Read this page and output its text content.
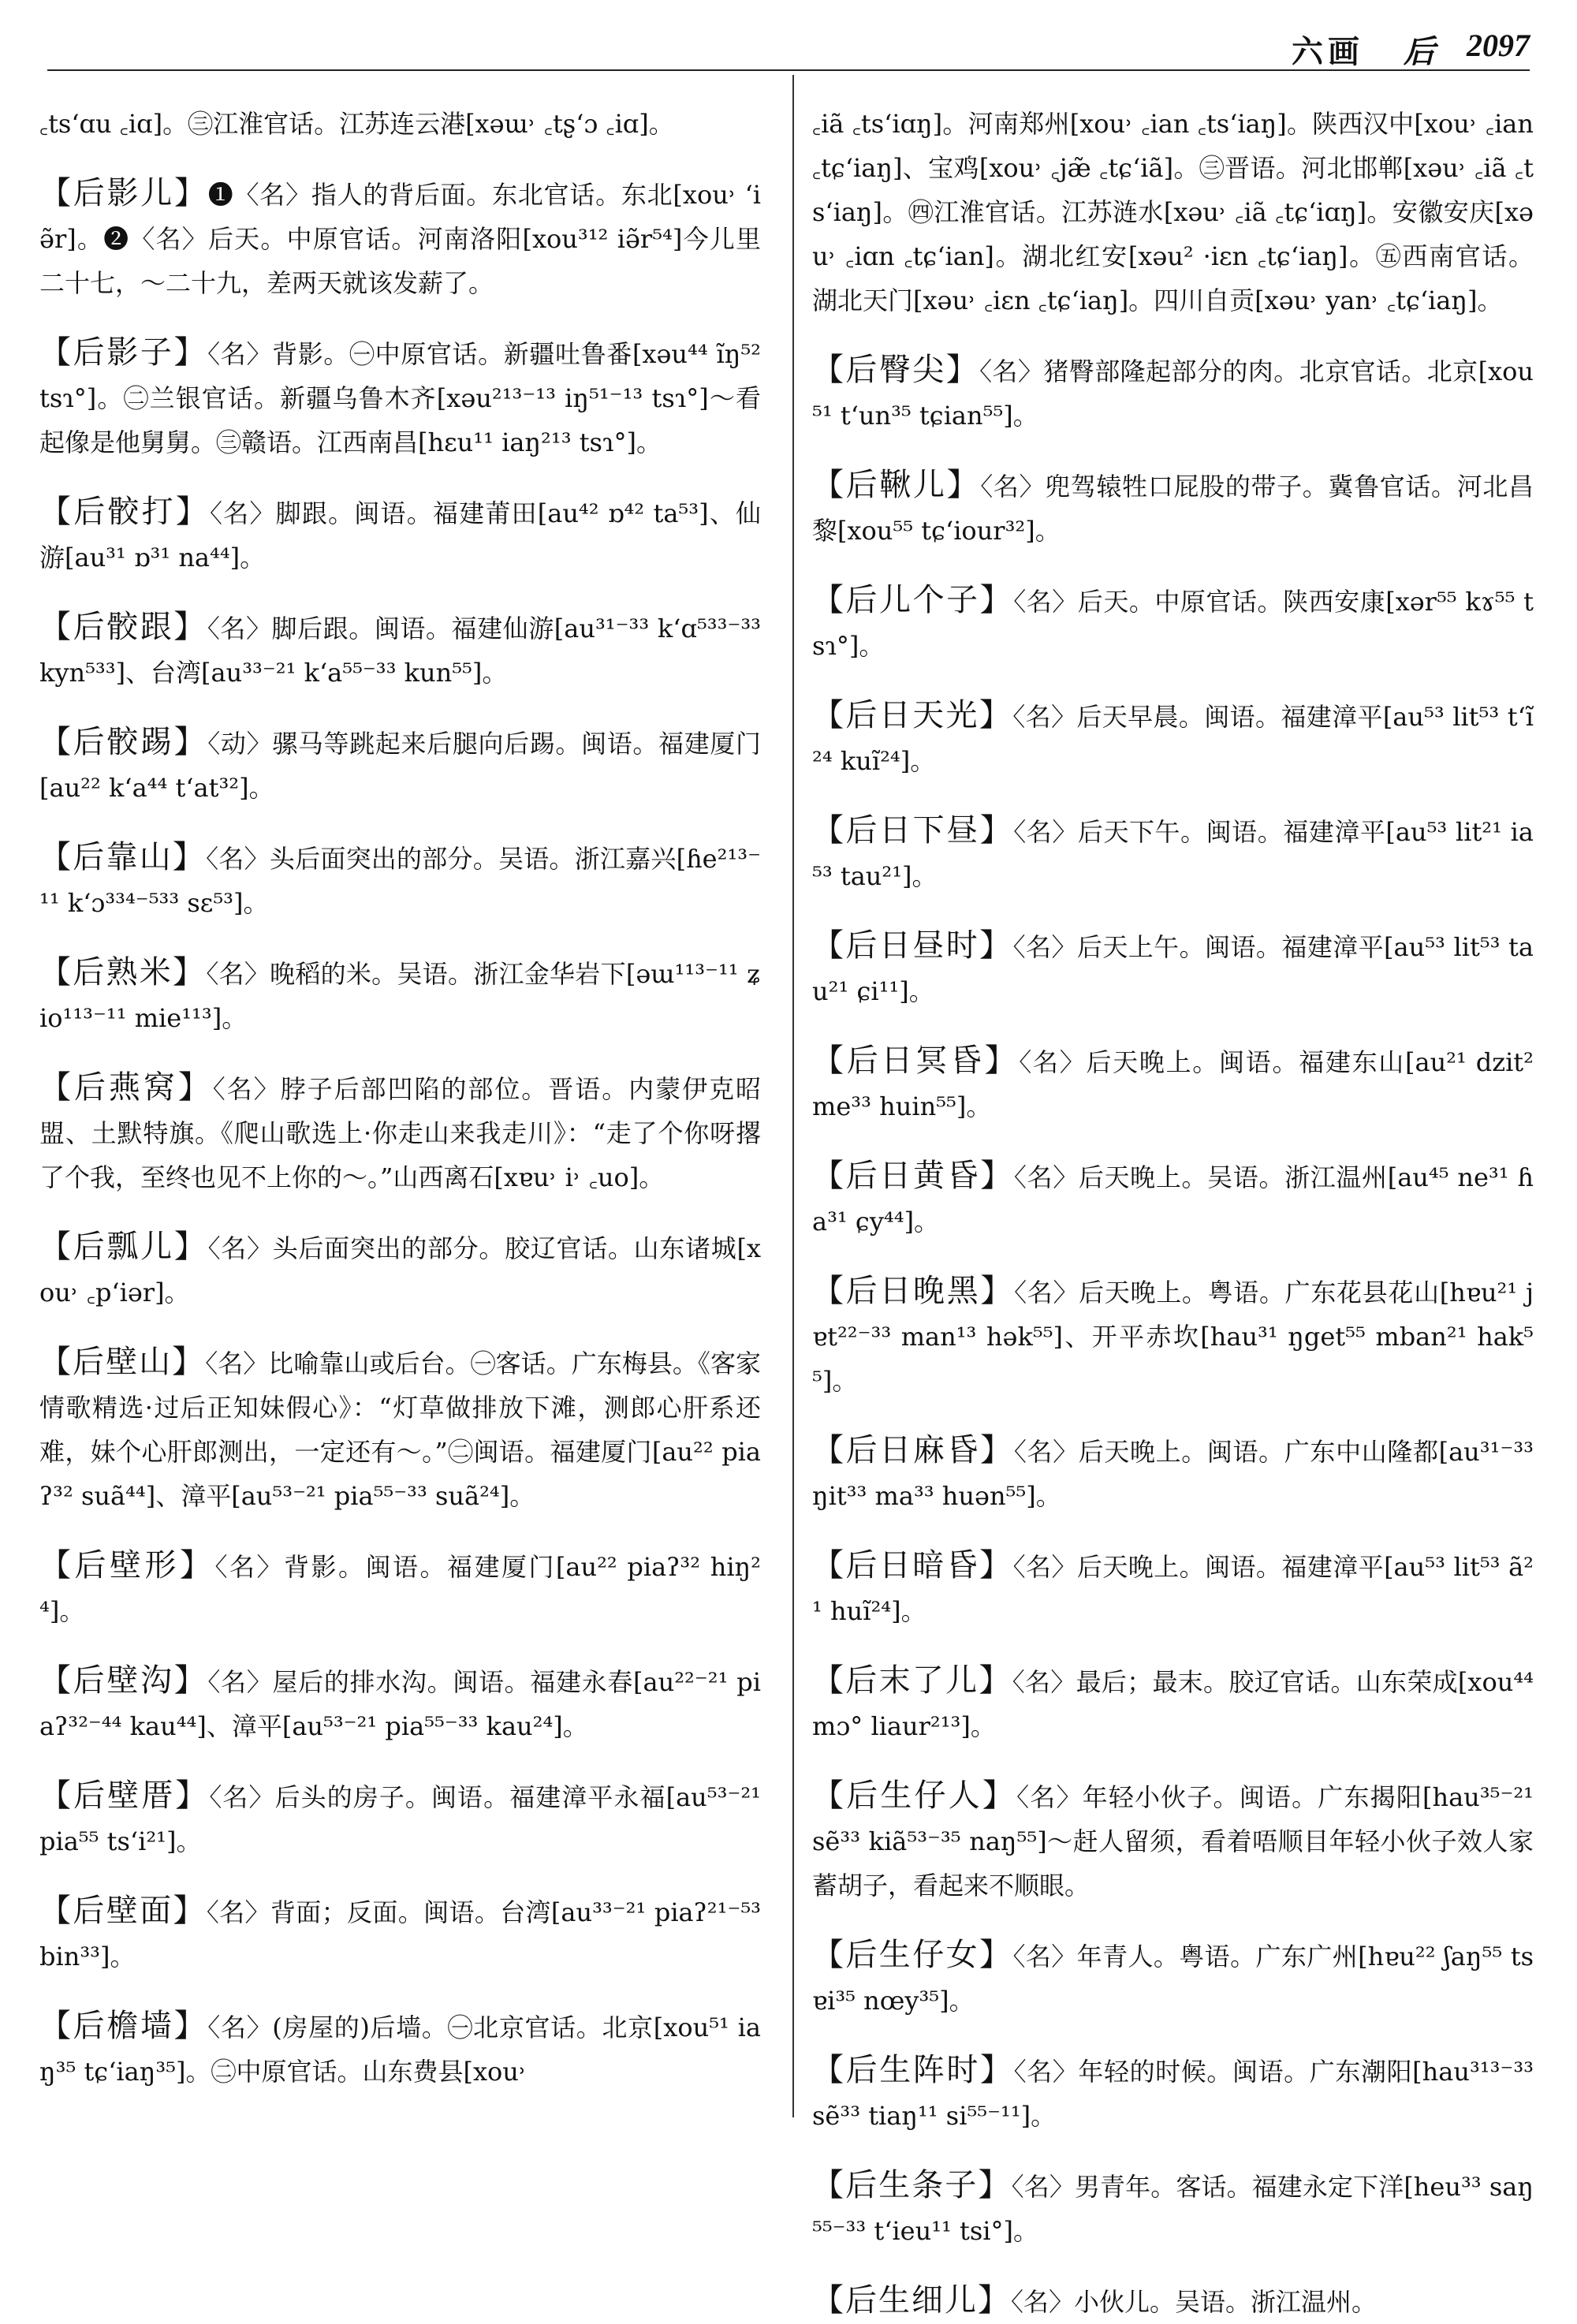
六画 后 2097

꜀ts‘ɑu ꜀iɑ]。㊂江淮官话。江苏连云港[xəɯ˒ ꜀tʂ‘ɔ ꜀iɑ]。

【后影儿】❶〈名〉指人的背后面。东北官话。东北[xou˒ ‘iə̃r]。❷〈名〉后天。中原官话。河南洛阳[xou³¹² iə̃r⁵⁴]今儿里二十七，～二十九，差两天就该发薪了。

【后影子】〈名〉背影。㊀中原官话。新疆吐鲁番[xəu⁴⁴ ĩŋ⁵² tsɿ°]。㊁兰银官话。新疆乌鲁木齐[xəu²¹³⁻¹³ iŋ⁵¹⁻¹³ tsɿ°]～看起像是他舅舅。㊂赣语。江西南昌[hɛu¹¹ iaŋ²¹³ tsɿ°]。

【后骹打】〈名〉脚跟。闽语。福建莆田[au⁴² ɒ⁴² ta⁵³]、仙游[au³¹ ɒ³¹ na⁴⁴]。

【后骹跟】〈名〉脚后跟。闽语。福建仙游[au³¹⁻³³ k‘ɑ⁵³³⁻³³ kyn⁵³³]、台湾[au³³⁻²¹ k‘a⁵⁵⁻³³ kun⁵⁵]。

【后骹踢】〈动〉骡马等跳起来后腿向后踢。闽语。福建厦门[au²² k‘a⁴⁴ t‘at³²]。

【后靠山】〈名〉头后面突出的部分。吴语。浙江嘉兴[ɦe²¹³⁻¹¹ k‘ɔ³³⁴⁻⁵³³ sɛ⁵³]。

【后熟米】〈名〉晚稻的米。吴语。浙江金华岩下[əɯ¹¹³⁻¹¹ ʑio¹¹³⁻¹¹ mie¹¹³]。

【后燕窝】〈名〉脖子后部凹陷的部位。晋语。内蒙伊克昭盟、土默特旗。《爬山歌选上·你走山来我走川》：“走了个你呀撂了个我，至终也见不上你的～。”山西离石[xɐu˒ i˒ ꜀uo]。

【后瓢儿】〈名〉头后面突出的部分。胶辽官话。山东诸城[xou˒ ꜀p‘iər]。

【后壁山】〈名〉比喻靠山或后台。㊀客话。广东梅县。《客家情歌精选·过后正知妹假心》：“灯草做排放下滩，测郎心肝系还难，妹个心肝郎测出，一定还有～。”㊁闽语。福建厦门[au²² piaʔ³² suã⁴⁴]、漳平[au⁵³⁻²¹ pia⁵⁵⁻³³ suã²⁴]。

【后壁形】〈名〉背影。闽语。福建厦门[au²² piaʔ³² hiŋ²⁴]。

【后壁沟】〈名〉屋后的排水沟。闽语。福建永春[au²²⁻²¹ piaʔ³²⁻⁴⁴ kau⁴⁴]、漳平[au⁵³⁻²¹ pia⁵⁵⁻³³ kau²⁴]。

【后壁厝】〈名〉后头的房子。闽语。福建漳平永福[au⁵³⁻²¹ pia⁵⁵ ts‘i²¹]。

【后壁面】〈名〉背面；反面。闽语。台湾[au³³⁻²¹ piaʔ²¹⁻⁵³ bin³³]。

【后檐墙】〈名〉(房屋的)后墙。㊀北京官话。北京[xou⁵¹ iaŋ³⁵ tɕ‘iaŋ³⁵]。㊁中原官话。山东费县[xou˒

꜀iã ꜀ts‘iɑŋ]。河南郑州[xou˒ ꜀ian ꜀ts‘iaŋ]。陕西汉中[xou˒ ꜀ian ꜀tɕ‘iaŋ]、宝鸡[xou˒ ꜀jæ̃ ꜀tɕ‘iã]。㊂晋语。河北邯郸[xəu˒ ꜀iã ꜀ts‘iaŋ]。㊃江淮官话。江苏涟水[xəu˒ ꜀iã ꜀tɕ‘iɑŋ]。安徽安庆[xəu˒ ꜀iɑn ꜀tɕ‘ian]。湖北红安[xəu² ·iɛn ꜀tɕ‘iaŋ]。㊄西南官话。湖北天门[xəu˒ ꜀iɛn ꜀tɕ‘iaŋ]。四川自贡[xəu˒ yan˒ ꜀tɕ‘iaŋ]。

【后臀尖】〈名〉猪臀部隆起部分的肉。北京官话。北京[xou⁵¹ t‘un³⁵ tɕian⁵⁵]。

【后鞦儿】〈名〉兜驾辕牲口屁股的带子。冀鲁官话。河北昌黎[xou⁵⁵ tɕ‘iour³²]。

【后儿个子】〈名〉后天。中原官话。陕西安康[xər⁵⁵ kɤ⁵⁵ tsɿ°]。

【后日天光】〈名〉后天早晨。闽语。福建漳平[au⁵³ lit⁵³ t‘ĩ²⁴ kuĩ²⁴]。

【后日下昼】〈名〉后天下午。闽语。福建漳平[au⁵³ lit²¹ ia⁵³ tau²¹]。

【后日昼时】〈名〉后天上午。闽语。福建漳平[au⁵³ lit⁵³ tau²¹ ɕi¹¹]。

【后日冥昏】〈名〉后天晚上。闽语。福建东山[au²¹ dzit² me³³ huin⁵⁵]。

【后日黄昏】〈名〉后天晚上。吴语。浙江温州[au⁴⁵ ne³¹ ɦa³¹ ɕy⁴⁴]。

【后日晚黑】〈名〉后天晚上。粤语。广东花县花山[hɐu²¹ jɐt²²⁻³³ man¹³ hək⁵⁵]、开平赤坎[hau³¹ ŋget⁵⁵ mban²¹ hak⁵⁵]。

【后日麻昏】〈名〉后天晚上。闽语。广东中山隆都[au³¹⁻³³ ŋit³³ ma³³ huən⁵⁵]。

【后日暗昏】〈名〉后天晚上。闽语。福建漳平[au⁵³ lit⁵³ ã²¹ huĩ²⁴]。

【后末了儿】〈名〉最后；最末。胶辽官话。山东荣成[xou⁴⁴ mɔ° liaur²¹³]。

【后生仔人】〈名〉年轻小伙子。闽语。广东揭阳[hau³⁵⁻²¹ sẽ³³ kiã⁵³⁻³⁵ naŋ⁵⁵]～赶人留须，看着唔顺目年轻小伙子效人家蓄胡子，看起来不顺眼。

【后生仔女】〈名〉年青人。粤语。广东广州[hɐu²² ʃaŋ⁵⁵ tsɐi³⁵ nœy³⁵]。

【后生阵时】〈名〉年轻的时候。闽语。广东潮阳[hau³¹³⁻³³ sẽ³³ tiaŋ¹¹ si⁵⁵⁻¹¹]。

【后生条子】〈名〉男青年。客话。福建永定下洋[heu³³ saŋ⁵⁵⁻³³ t‘ieu¹¹ tsi°]。

【后生细儿】〈名〉小伙儿。吴语。浙江温州。
